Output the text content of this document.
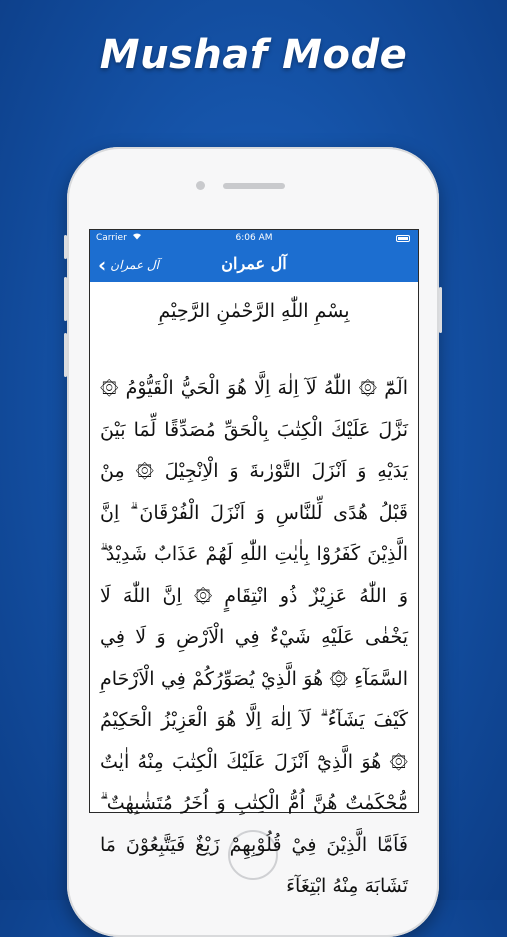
Mushaf Mode
Carrier	6:06 AM
‹ آل عمران	آل عمران
بِسْمِ اللّٰهِ الرَّحْمٰنِ الرَّحِيْمِ
الٓمّٓ ۞ اللّٰهُ لَآ اِلٰهَ اِلَّا هُوَ الْحَيُّ الْقَيُّوْمُ ۞ نَزَّلَ عَلَيْكَ الْكِتٰبَ بِالْحَقِّ مُصَدِّقًا لِّمَا بَيْنَ يَدَيْهِ وَ اَنْزَلَ التَّوْرٰىةَ وَ الْاِنْجِيْلَ ۞ مِنْ قَبْلُ هُدًى لِّلنَّاسِ وَ اَنْزَلَ الْفُرْقَانَ ۗ اِنَّ الَّذِيْنَ كَفَرُوْا بِاٰيٰتِ اللّٰهِ لَهُمْ عَذَابٌ شَدِيْدٌ ۗ وَ اللّٰهُ عَزِيْزٌ ذُو انْتِقَامٍ ۞ اِنَّ اللّٰهَ لَا يَخْفٰى عَلَيْهِ شَيْءٌ فِي الْاَرْضِ وَ لَا فِي السَّمَآءِ ۞ هُوَ الَّذِيْ يُصَوِّرُكُمْ فِي الْاَرْحَامِ كَيْفَ يَشَآءُ ۗ لَآ اِلٰهَ اِلَّا هُوَ الْعَزِيْزُ الْحَكِيْمُ ۞ هُوَ الَّذِيْٓ اَنْزَلَ عَلَيْكَ الْكِتٰبَ مِنْهُ اٰيٰتٌ مُّحْكَمٰتٌ هُنَّ اُمُّ الْكِتٰبِ وَ اُخَرُ مُتَشٰبِهٰتٌ ۗ فَاَمَّا الَّذِيْنَ فِيْ قُلُوْبِهِمْ زَيْغٌ فَيَتَّبِعُوْنَ مَا تَشَابَهَ مِنْهُ ابْتِغَآءَ
